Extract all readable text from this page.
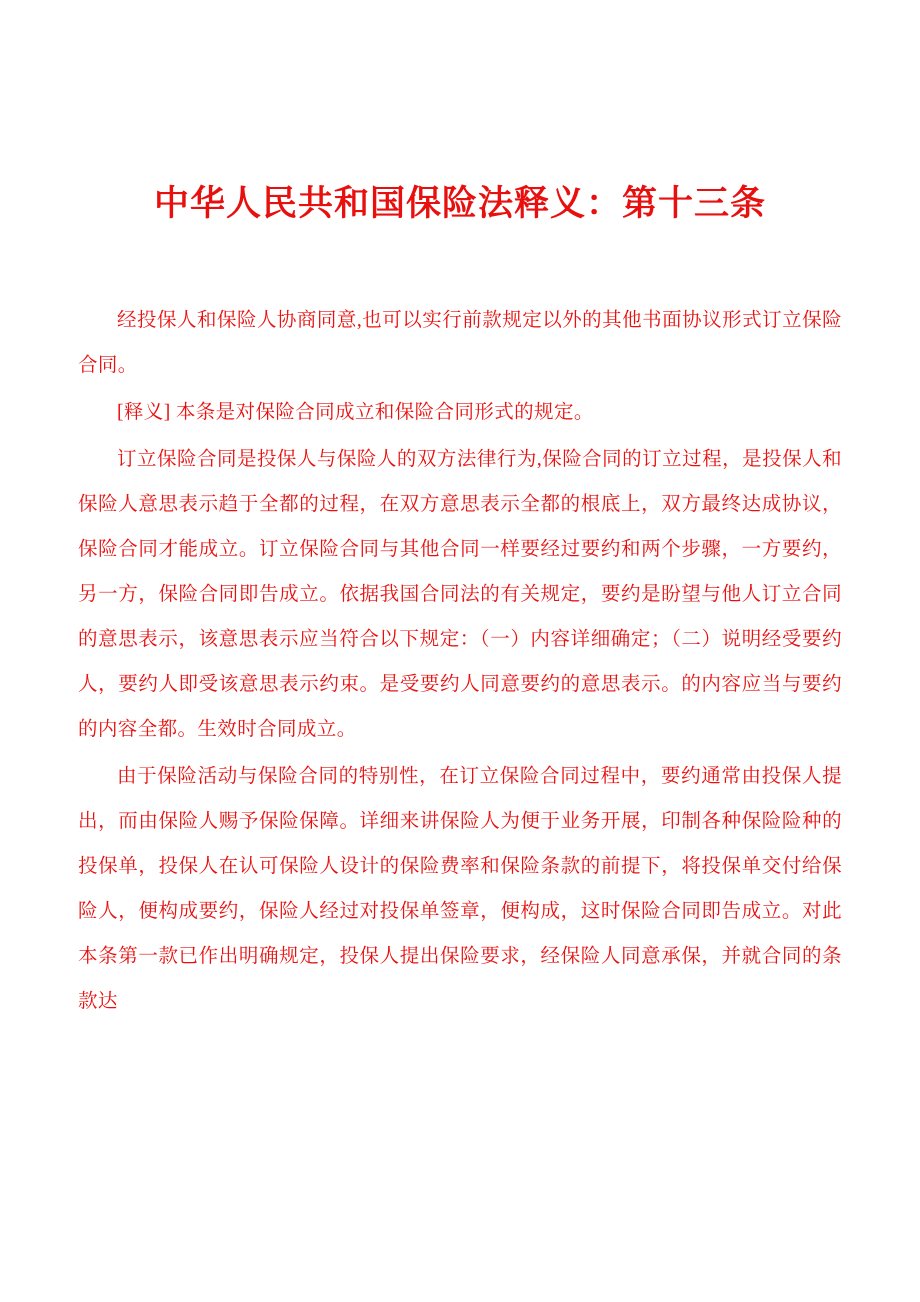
中华人民共和国保险法释义：第十三条

经投保人和保险人协商同意,也可以实行前款规定以外的其他书面协议形式订立保险合同。

[释义] 本条是对保险合同成立和保险合同形式的规定。

订立保险合同是投保人与保险人的双方法律行为,保险合同的订立过程，是投保人和保险人意思表示趋于全都的过程，在双方意思表示全都的根底上，双方最终达成协议，保险合同才能成立。订立保险合同与其他合同一样要经过要约和两个步骤，一方要约，另一方，保险合同即告成立。依据我国合同法的有关规定，要约是盼望与他人订立合同的意思表示，该意思表示应当符合以下规定：（一）内容详细确定；（二）说明经受要约人，要约人即受该意思表示约束。是受要约人同意要约的意思表示。的内容应当与要约的内容全都。生效时合同成立。

由于保险活动与保险合同的特别性，在订立保险合同过程中，要约通常由投保人提出，而由保险人赐予保险保障。详细来讲保险人为便于业务开展，印制各种保险险种的投保单，投保人在认可保险人设计的保险费率和保险条款的前提下，将投保单交付给保险人，便构成要约，保险人经过对投保单签章，便构成，这时保险合同即告成立。对此本条第一款已作出明确规定，投保人提出保险要求，经保险人同意承保，并就合同的条款达
